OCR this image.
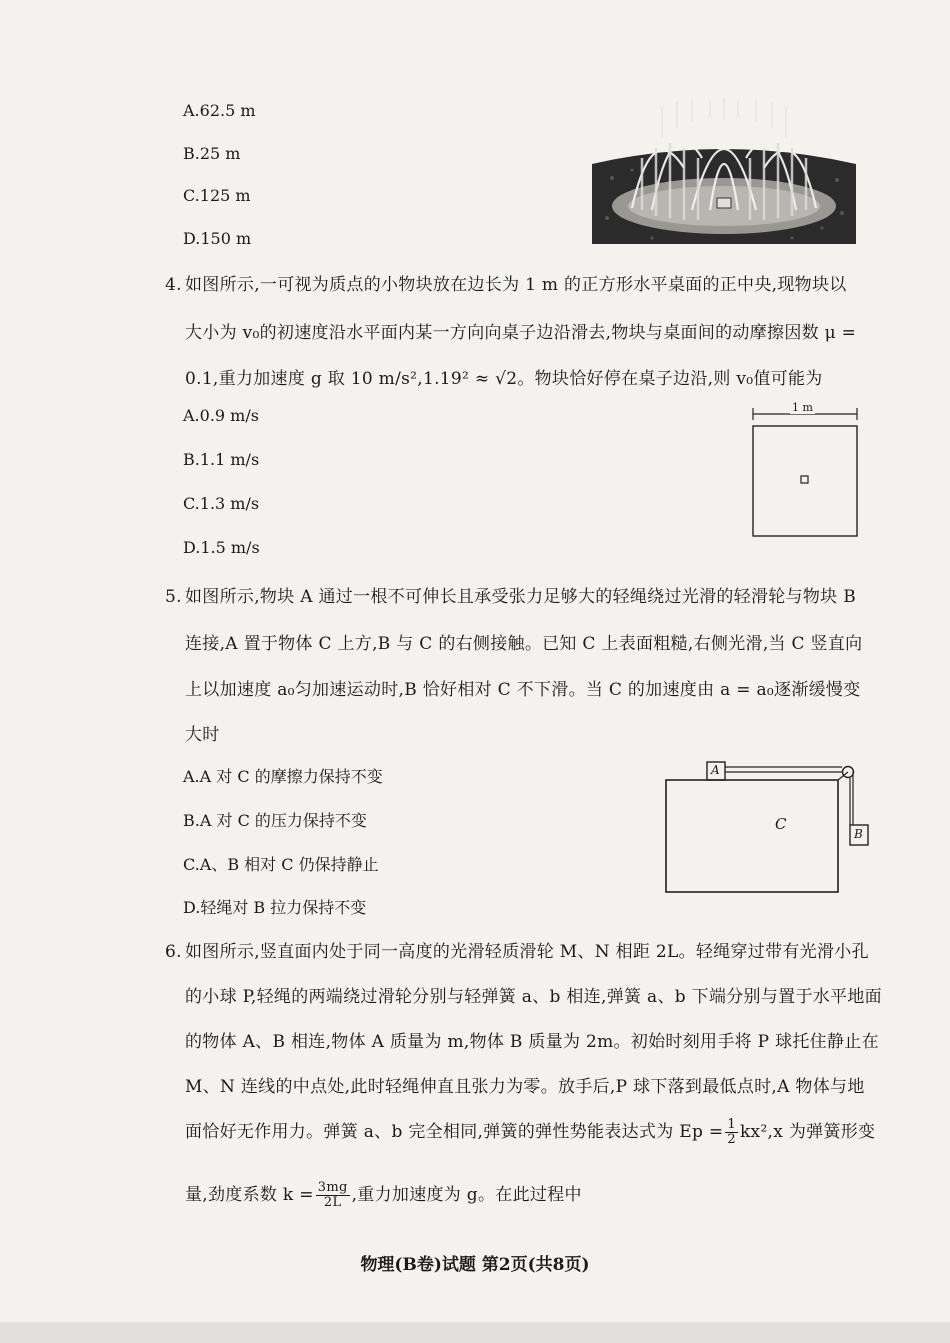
A.62.5 m
B.25 m
C.125 m
D.150 m
4. 如图所示,一可视为质点的小物块放在边长为 1 m 的正方形水平桌面的正中央,现物块以
大小为 v₀的初速度沿水平面内某一方向向桌子边沿滑去,物块与桌面间的动摩擦因数 μ =
0.1,重力加速度 g 取 10 m/s²,1.19² ≈ √2。物块恰好停在桌子边沿,则 v₀值可能为
A.0.9 m/s
B.1.1 m/s
C.1.3 m/s
D.1.5 m/s
1 m
5. 如图所示,物块 A 通过一根不可伸长且承受张力足够大的轻绳绕过光滑的轻滑轮与物块 B
连接,A 置于物体 C 上方,B 与 C 的右侧接触。已知 C 上表面粗糙,右侧光滑,当 C 竖直向
上以加速度 a₀匀加速运动时,B 恰好相对 C 不下滑。当 C 的加速度由 a = a₀逐渐缓慢变
大时
A.A 对 C 的摩擦力保持不变
B.A 对 C 的压力保持不变
C.A、B 相对 C 仍保持静止
D.轻绳对 B 拉力保持不变
A
C
B
6. 如图所示,竖直面内处于同一高度的光滑轻质滑轮 M、N 相距 2L。轻绳穿过带有光滑小孔
的小球 P,轻绳的两端绕过滑轮分别与轻弹簧 a、b 相连,弹簧 a、b 下端分别与置于水平地面
的物体 A、B 相连,物体 A 质量为 m,物体 B 质量为 2m。初始时刻用手将 P 球托住静止在
M、N 连线的中点处,此时轻绳伸直且张力为零。放手后,P 球下落到最低点时,A 物体与地
面恰好无作用力。弹簧 a、b 完全相同,弹簧的弹性势能表达式为 $Ep = \frac{1}{2} kx^2,x$ 为弹簧形变
量,劲度系数 $k = \frac{3mg}{2L}$ ,重力加速度为 g。在此过程中
物理(B卷)试题 第2页(共8页)
